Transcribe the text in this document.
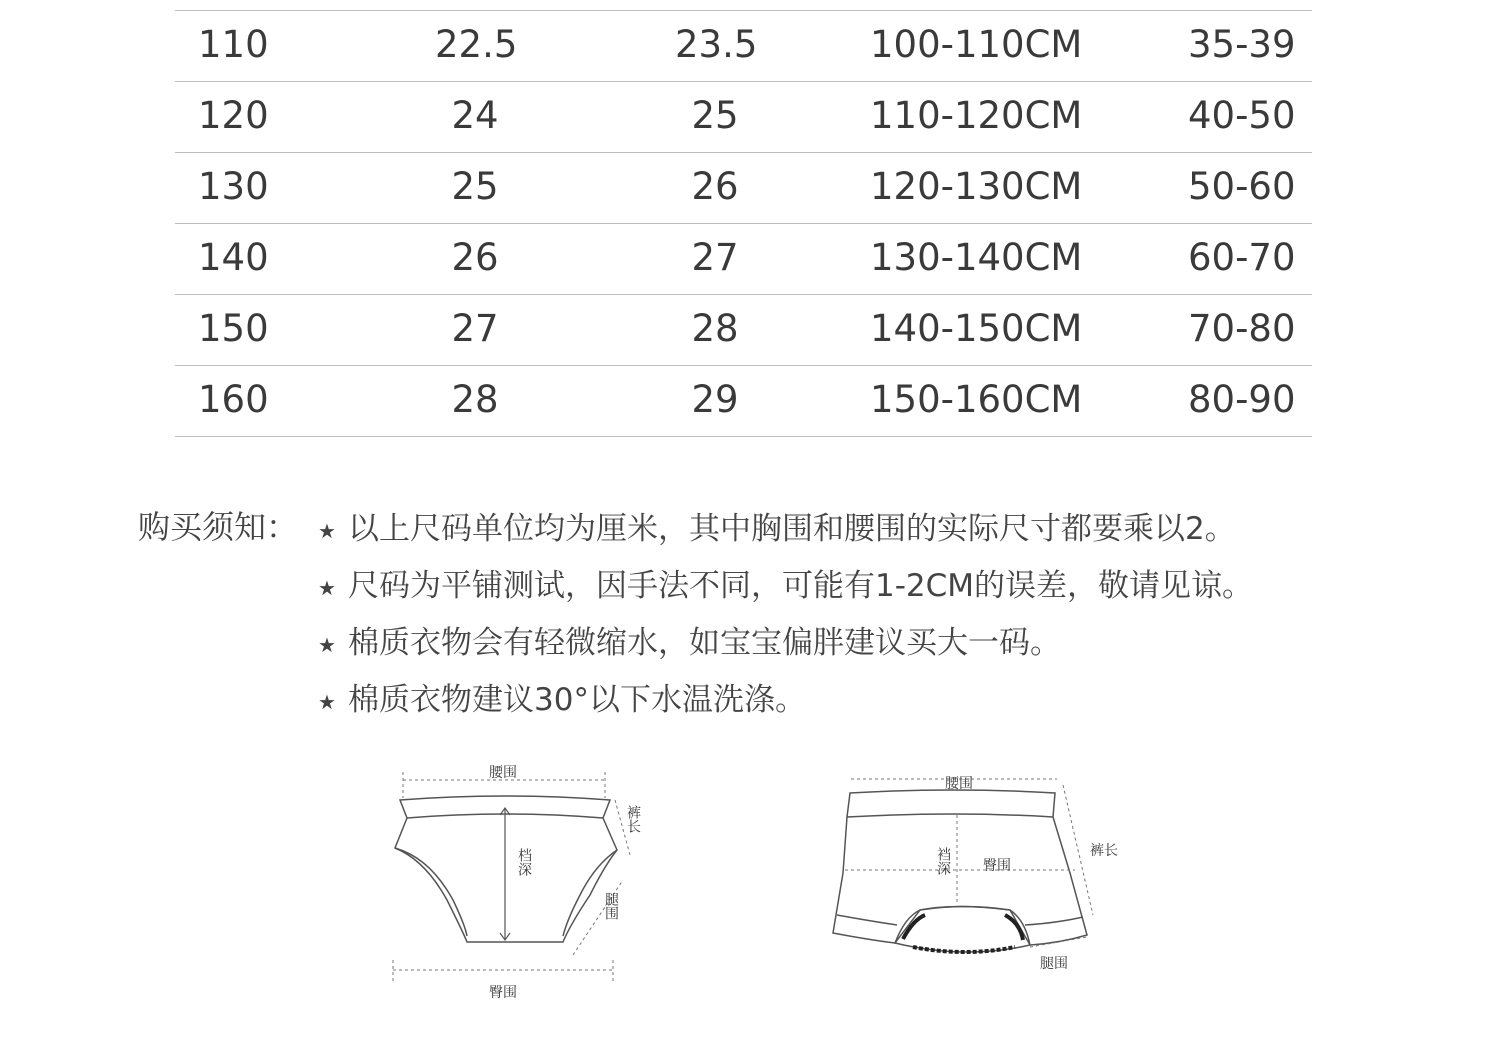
110	22.5	23.5	100-110CM	35-39
120	24	25	110-120CM	40-50
130	25	26	120-130CM	50-60
140	26	27	130-140CM	60-70
150	27	28	140-150CM	70-80
160	28	29	150-160CM	80-90
购买须知： ★ 以上尺码单位均为厘米，其中胸围和腰围的实际尺寸都要乘以2。
★ 尺码为平铺测试，因手法不同，可能有1-2CM的误差，敬请见谅。
★ 棉质衣物会有轻微缩水，如宝宝偏胖建议买大一码。
★ 棉质衣物建议30°以下水温洗涤。
腰围
裤长
档深
腿围
臀围
腰围
裤长
裆深 臀围
腿围
